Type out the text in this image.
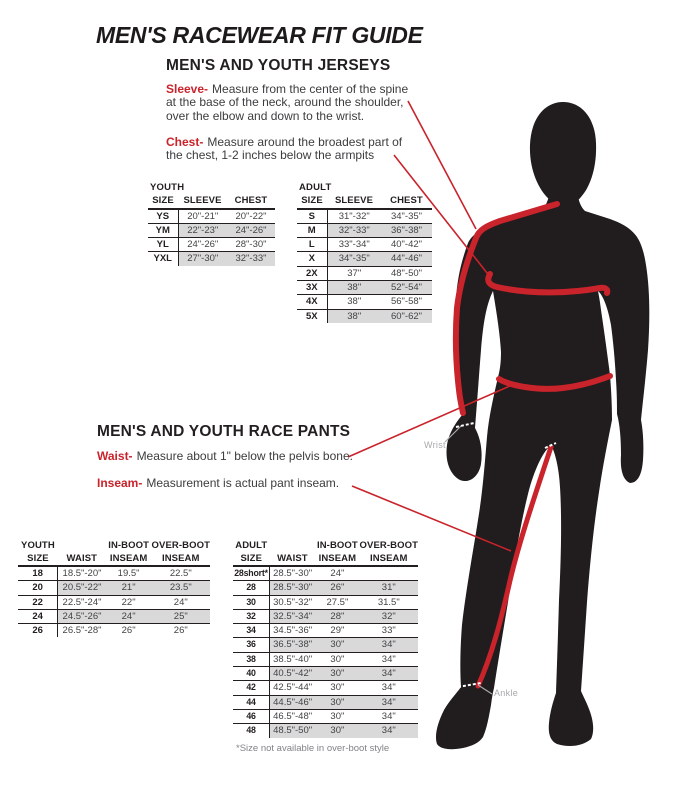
MEN'S RACEWEAR FIT GUIDE
MEN'S AND YOUTH JERSEYS
Sleeve- Measure from the center of the spine at the base of the neck, around the shoulder, over the elbow and down to the wrist.
Chest- Measure around the broadest part of the chest, 1-2 inches below the armpits
YOUTH
SIZE	SLEEVE	CHEST
YS	20"-21"	20"-22"
YM	22"-23"	24"-26"
YL	24"-26"	28"-30"
YXL	27"-30"	32"-33"
ADULT
SIZE	SLEEVE	CHEST
S	31"-32"	34"-35"
M	32"-33"	36"-38"
L	33"-34"	40"-42"
X	34"-35"	44"-46"
2X	37"	48"-50"
3X	38"	52"-54"
4X	38"	56"-58"
5X	38"	60"-62"
MEN'S AND YOUTH RACE PANTS
Waist- Measure about 1" below the pelvis bone.
Inseam- Measurement is actual pant inseam.
YOUTH		IN-BOOT	OVER-BOOT
SIZE	WAIST	INSEAM	INSEAM
18	18.5"-20"	19.5"	22.5"
20	20.5"-22"	21"	23.5"
22	22.5"-24"	22"	24"
24	24.5"-26"	24"	25"
26	26.5"-28"	26"	26"
ADULT		IN-BOOT	OVER-BOOT
SIZE	WAIST	INSEAM	INSEAM
28short*	28.5"-30"	24"	
28	28.5"-30"	26"	31"
30	30.5"-32"	27.5"	31.5"
32	32.5"-34"	28"	32"
34	34.5"-36"	29"	33"
36	36.5"-38"	30"	34"
38	38.5"-40"	30"	34"
40	40.5"-42"	30"	34"
42	42.5"-44"	30"	34"
44	44.5"-46"	30"	34"
46	46.5"-48"	30"	34"
48	48.5"-50"	30"	34"
*Size not available in over-boot style
Wrist
Ankle
